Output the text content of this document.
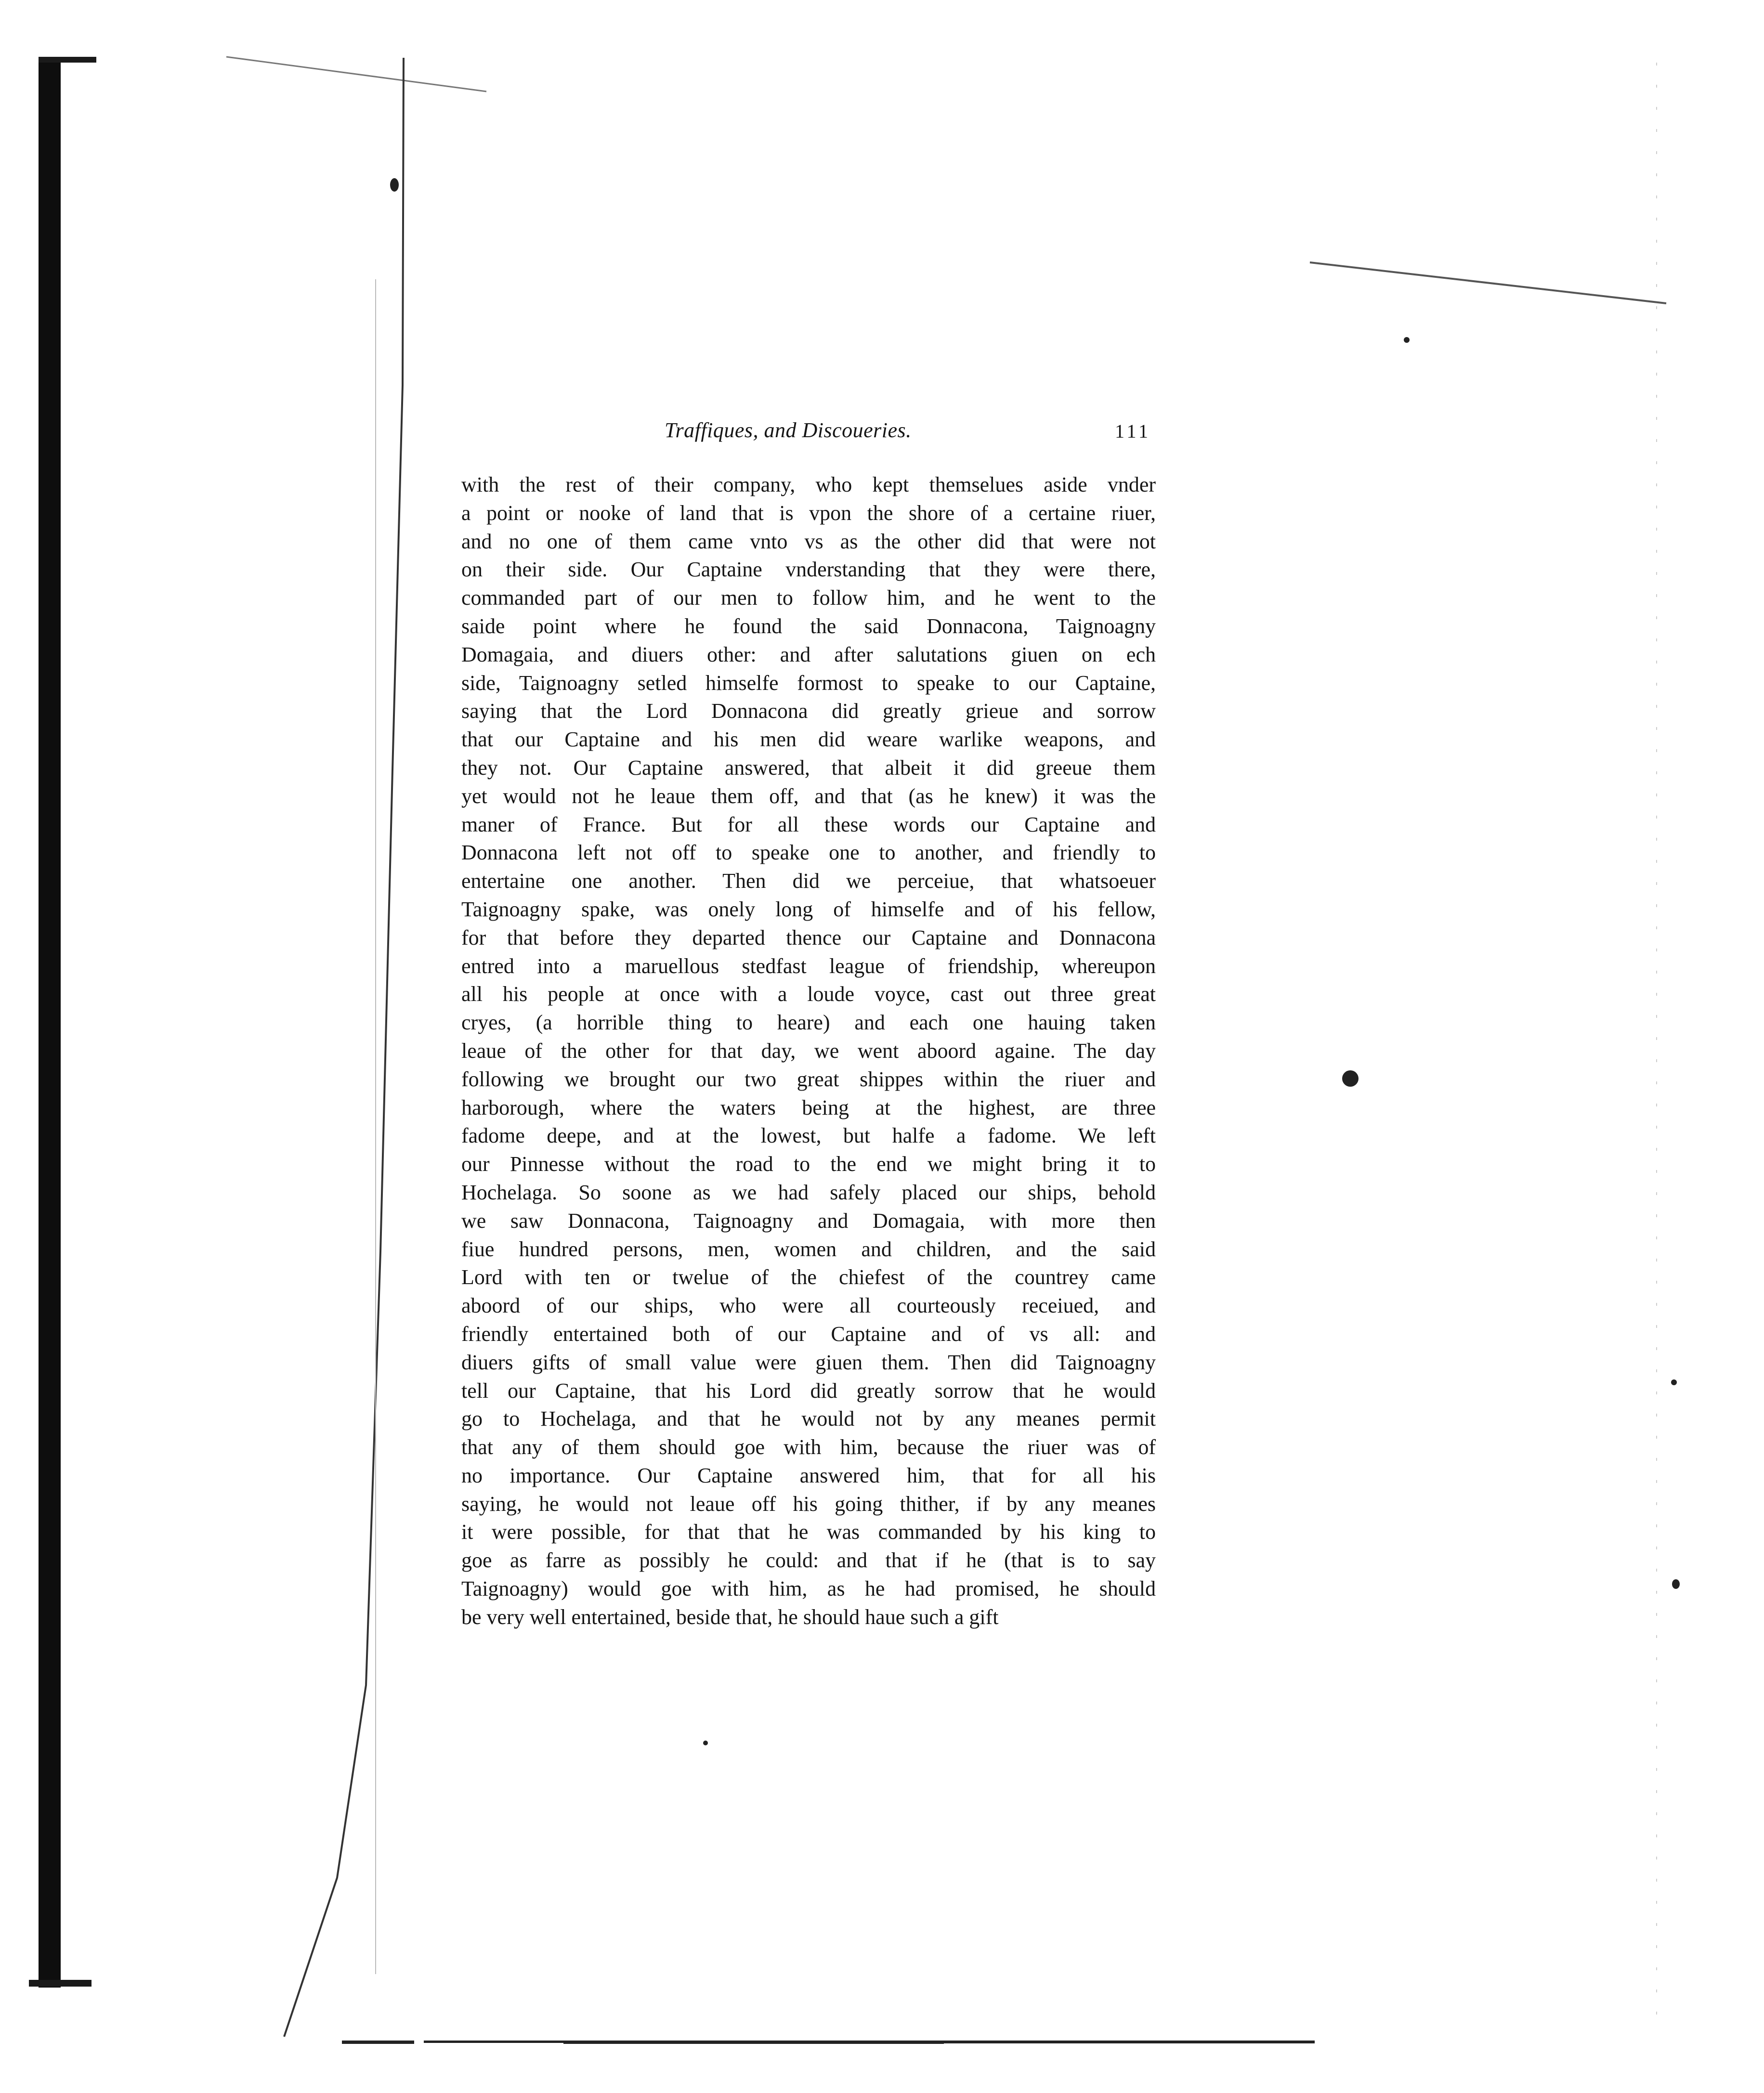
Traffiques, and Discoueries.	111
with the rest of their company, who kept themselues aside vnder
a point or nooke of land that is vpon the shore of a certaine riuer,
and no one of them came vnto vs as the other did that were not
on their side. Our Captaine vnderstanding that they were there,
commanded part of our men to follow him, and he went to the
saide point where he found the said Donnacona, Taignoagny
Domagaia, and diuers other: and after salutations giuen on ech
side, Taignoagny setled himselfe formost to speake to our Captaine,
saying that the Lord Donnacona did greatly grieue and sorrow
that our Captaine and his men did weare warlike weapons, and
they not. Our Captaine answered, that albeit it did greeue them
yet would not he leaue them off, and that (as he knew) it was the
maner of France. But for all these words our Captaine and
Donnacona left not off to speake one to another, and friendly to
entertaine one another. Then did we perceiue, that whatsoeuer
Taignoagny spake, was onely long of himselfe and of his fellow,
for that before they departed thence our Captaine and Donnacona
entred into a maruellous stedfast league of friendship, whereupon
all his people at once with a loude voyce, cast out three great
cryes, (a horrible thing to heare) and each one hauing taken
leaue of the other for that day, we went aboord againe. The day
following we brought our two great shippes within the riuer and
harborough, where the waters being at the highest, are three
fadome deepe, and at the lowest, but halfe a fadome. We left
our Pinnesse without the road to the end we might bring it to
Hochelaga. So soone as we had safely placed our ships, behold
we saw Donnacona, Taignoagny and Domagaia, with more then
fiue hundred persons, men, women and children, and the said
Lord with ten or twelue of the chiefest of the countrey came
aboord of our ships, who were all courteously receiued, and
friendly entertained both of our Captaine and of vs all: and
diuers gifts of small value were giuen them. Then did Taignoagny
tell our Captaine, that his Lord did greatly sorrow that he would
go to Hochelaga, and that he would not by any meanes permit
that any of them should goe with him, because the riuer was of
no importance. Our Captaine answered him, that for all his
saying, he would not leaue off his going thither, if by any meanes
it were possible, for that that he was commanded by his king to
goe as farre as possibly he could: and that if he (that is to say
Taignoagny) would goe with him, as he had promised, he should
be very well entertained, beside that, he should haue such a gift
